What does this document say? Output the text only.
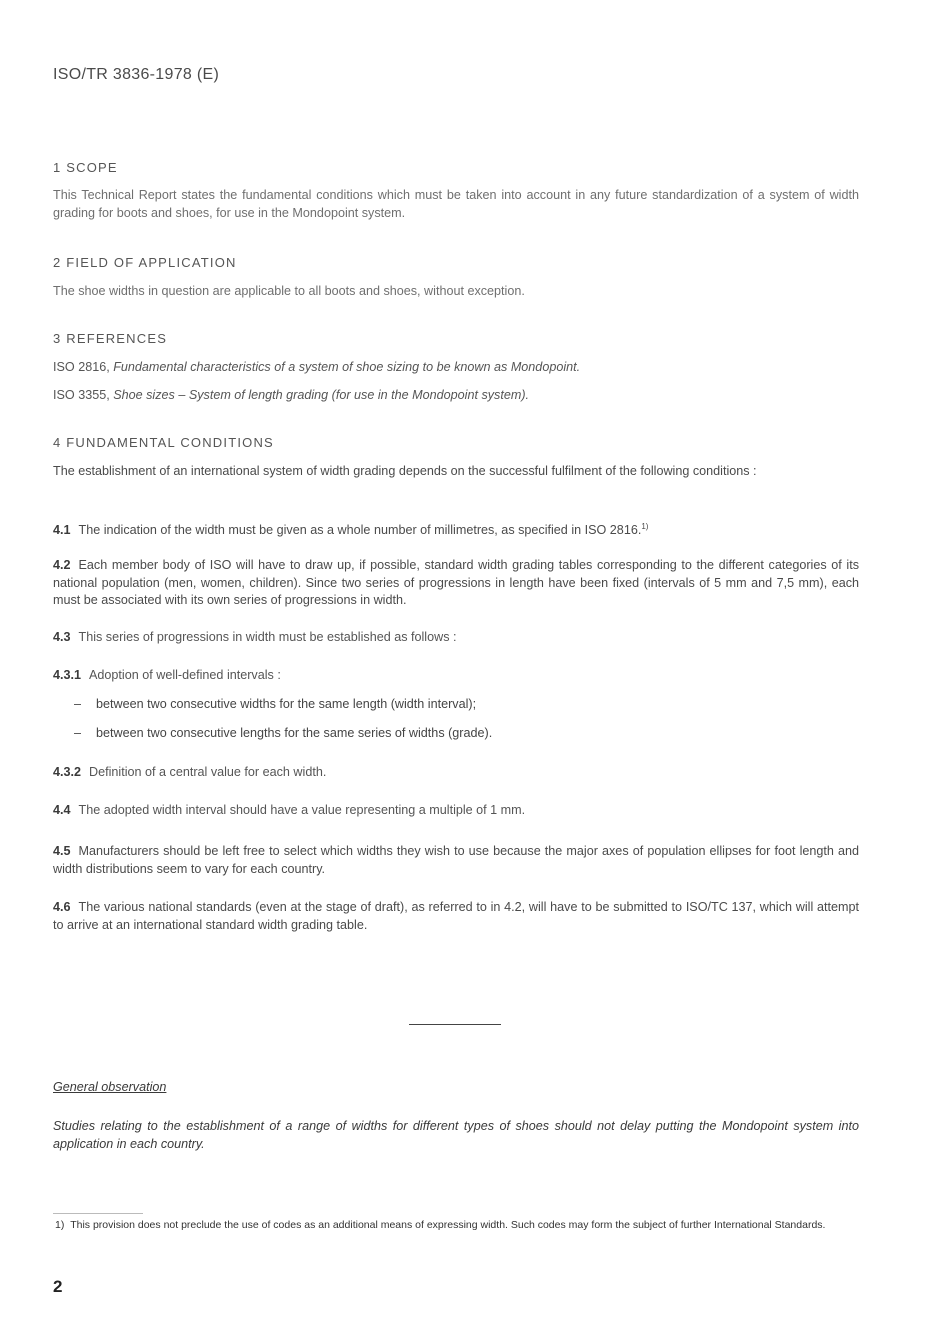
ISO/TR 3836-1978 (E)
1 SCOPE
This Technical Report states the fundamental conditions which must be taken into account in any future standardization of a system of width grading for boots and shoes, for use in the Mondopoint system.
2 FIELD OF APPLICATION
The shoe widths in question are applicable to all boots and shoes, without exception.
3 REFERENCES
ISO 2816, Fundamental characteristics of a system of shoe sizing to be known as Mondopoint.
ISO 3355, Shoe sizes – System of length grading (for use in the Mondopoint system).
4 FUNDAMENTAL CONDITIONS
The establishment of an international system of width grading depends on the successful fulfilment of the following conditions :
4.1 The indication of the width must be given as a whole number of millimetres, as specified in ISO 2816.$^{1)}$
4.2 Each member body of ISO will have to draw up, if possible, standard width grading tables corresponding to the different categories of its national population (men, women, children). Since two series of progressions in length have been fixed (intervals of 5 mm and 7,5 mm), each must be associated with its own series of progressions in width.
4.3 This series of progressions in width must be established as follows :
4.3.1 Adoption of well-defined intervals :
– between two consecutive widths for the same length (width interval);
– between two consecutive lengths for the same series of widths (grade).
4.3.2 Definition of a central value for each width.
4.4 The adopted width interval should have a value representing a multiple of 1 mm.
4.5 Manufacturers should be left free to select which widths they wish to use because the major axes of population ellipses for foot length and width distributions seem to vary for each country.
4.6 The various national standards (even at the stage of draft), as referred to in 4.2, will have to be submitted to ISO/TC 137, which will attempt to arrive at an international standard width grading table.
General observation
Studies relating to the establishment of a range of widths for different types of shoes should not delay putting the Mondopoint system into application in each country.
1) This provision does not preclude the use of codes as an additional means of expressing width. Such codes may form the subject of further International Standards.
2
